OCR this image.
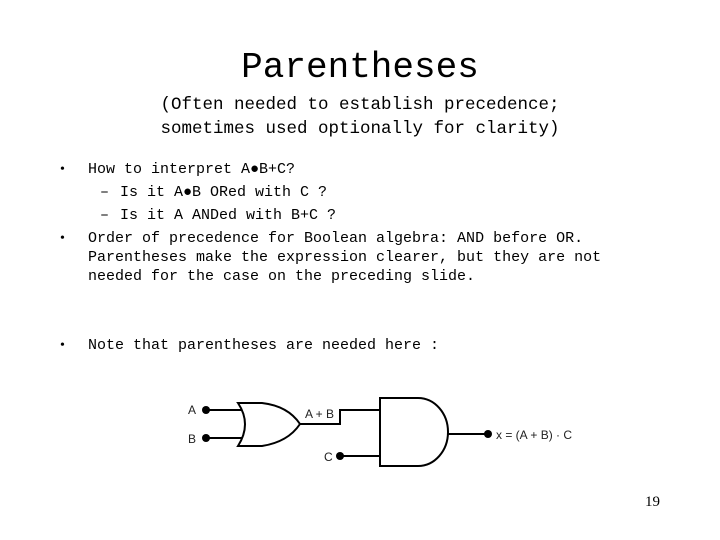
Parentheses
(Often needed to establish precedence;
sometimes used optionally for clarity)
• How to interpret A●B+C?
– Is it A●B ORed with C ?
– Is it A ANDed with B+C ?
• Order of precedence for Boolean algebra: AND before OR.
Parentheses make the expression clearer, but they are not
needed for the case on the preceding slide.
• Note that parentheses are needed here :
A
B
A + B
C
x = (A + B) · C
19
